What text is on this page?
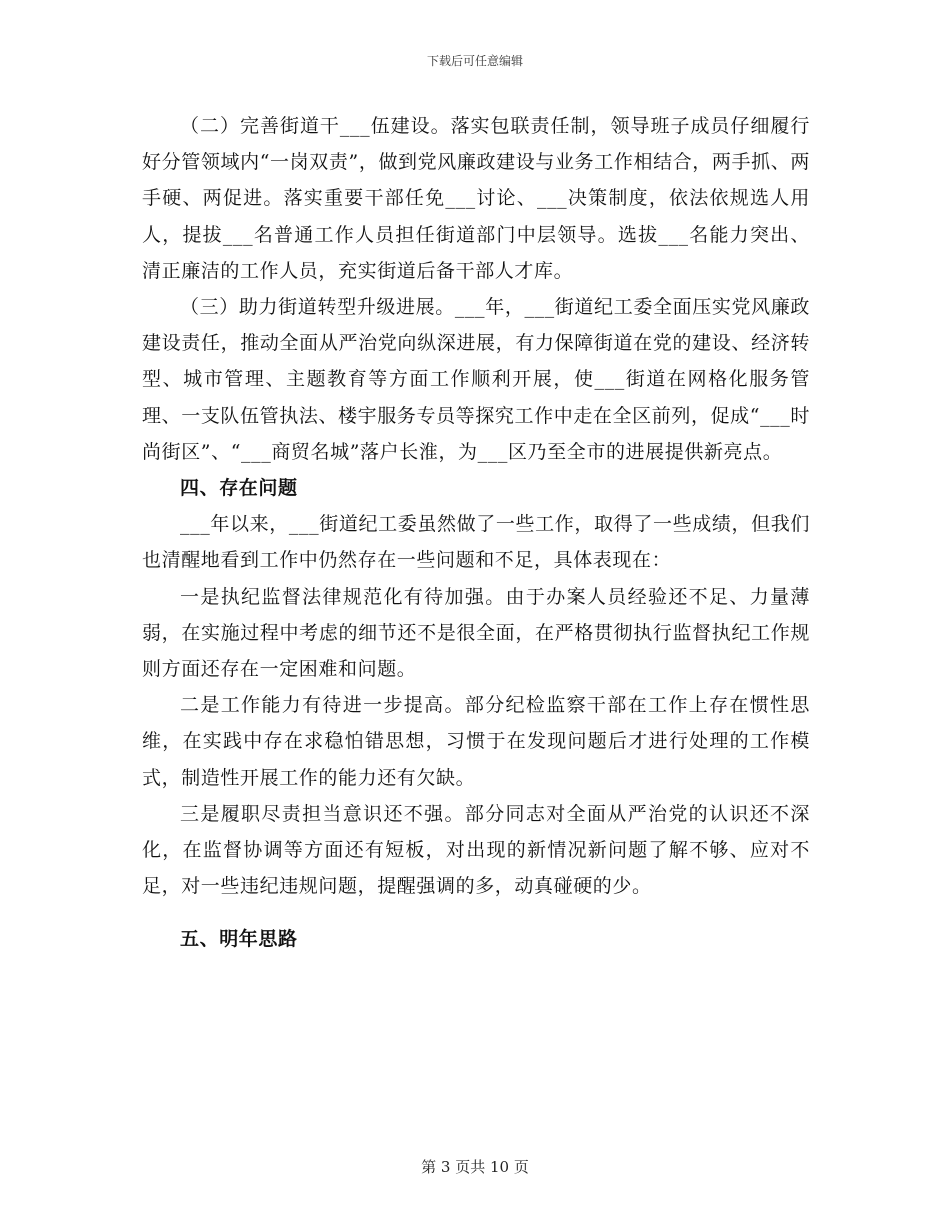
下载后可任意编辑

（二）完善街道干___伍建设。落实包联责任制，领导班子成员仔细履行好分管领域内“一岗双责”，做到党风廉政建设与业务工作相结合，两手抓、两手硬、两促进。落实重要干部任免___讨论、___决策制度，依法依规选人用人，提拔___名普通工作人员担任街道部门中层领导。选拔___名能力突出、清正廉洁的工作人员，充实街道后备干部人才库。

（三）助力街道转型升级进展。___年，___街道纪工委全面压实党风廉政建设责任，推动全面从严治党向纵深进展，有力保障街道在党的建设、经济转型、城市管理、主题教育等方面工作顺利开展，使___街道在网格化服务管理、一支队伍管执法、楼宇服务专员等探究工作中走在全区前列，促成“___时尚街区”、“___商贸名城”落户长淮，为___区乃至全市的进展提供新亮点。

四、存在问题

___年以来，___街道纪工委虽然做了一些工作，取得了一些成绩，但我们也清醒地看到工作中仍然存在一些问题和不足，具体表现在：

一是执纪监督法律规范化有待加强。由于办案人员经验还不足、力量薄弱，在实施过程中考虑的细节还不是很全面，在严格贯彻执行监督执纪工作规则方面还存在一定困难和问题。

二是工作能力有待进一步提高。部分纪检监察干部在工作上存在惯性思维，在实践中存在求稳怕错思想，习惯于在发现问题后才进行处理的工作模式，制造性开展工作的能力还有欠缺。

三是履职尽责担当意识还不强。部分同志对全面从严治党的认识还不深化，在监督协调等方面还有短板，对出现的新情况新问题了解不够、应对不足，对一些违纪违规问题，提醒强调的多，动真碰硬的少。

五、明年思路

第 3 页共 10 页
